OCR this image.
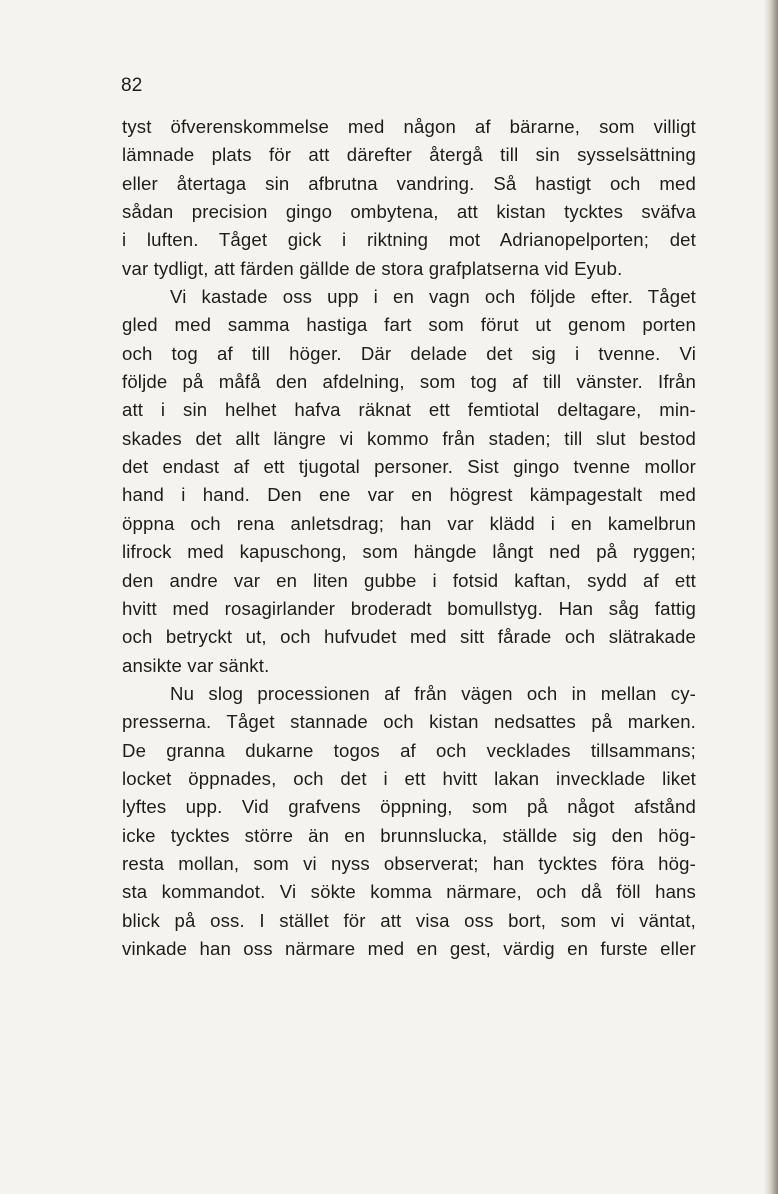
82
tyst öfverenskommelse med någon af bärarne, som villigt
lämnade plats för att därefter återgå till sin sysselsättning
eller återtaga sin afbrutna vandring. Så hastigt och med
sådan precision gingo ombytena, att kistan tycktes sväfva
i luften. Tåget gick i riktning mot Adrianopelporten; det
var tydligt, att färden gällde de stora grafplatserna vid Eyub.
Vi kastade oss upp i en vagn och följde efter. Tåget
gled med samma hastiga fart som förut ut genom porten
och tog af till höger. Där delade det sig i tvenne. Vi
följde på måfå den afdelning, som tog af till vänster. Ifrån
att i sin helhet hafva räknat ett femtiotal deltagare, min-
skades det allt längre vi kommo från staden; till slut bestod
det endast af ett tjugotal personer. Sist gingo tvenne mollor
hand i hand. Den ene var en högrest kämpagestalt med
öppna och rena anletsdrag; han var klädd i en kamelbrun
lifrock med kapuschong, som hängde långt ned på ryggen;
den andre var en liten gubbe i fotsid kaftan, sydd af ett
hvitt med rosagirlander broderadt bomullstyg. Han såg fattig
och betryckt ut, och hufvudet med sitt fårade och slätrakade
ansikte var sänkt.
Nu slog processionen af från vägen och in mellan cy-
presserna. Tåget stannade och kistan nedsattes på marken.
De granna dukarne togos af och vecklades tillsammans;
locket öppnades, och det i ett hvitt lakan invecklade liket
lyftes upp. Vid grafvens öppning, som på något afstånd
icke tycktes större än en brunnslucka, ställde sig den hög-
resta mollan, som vi nyss observerat; han tycktes föra hög-
sta kommandot. Vi sökte komma närmare, och då föll hans
blick på oss. I stället för att visa oss bort, som vi väntat,
vinkade han oss närmare med en gest, värdig en furste eller
